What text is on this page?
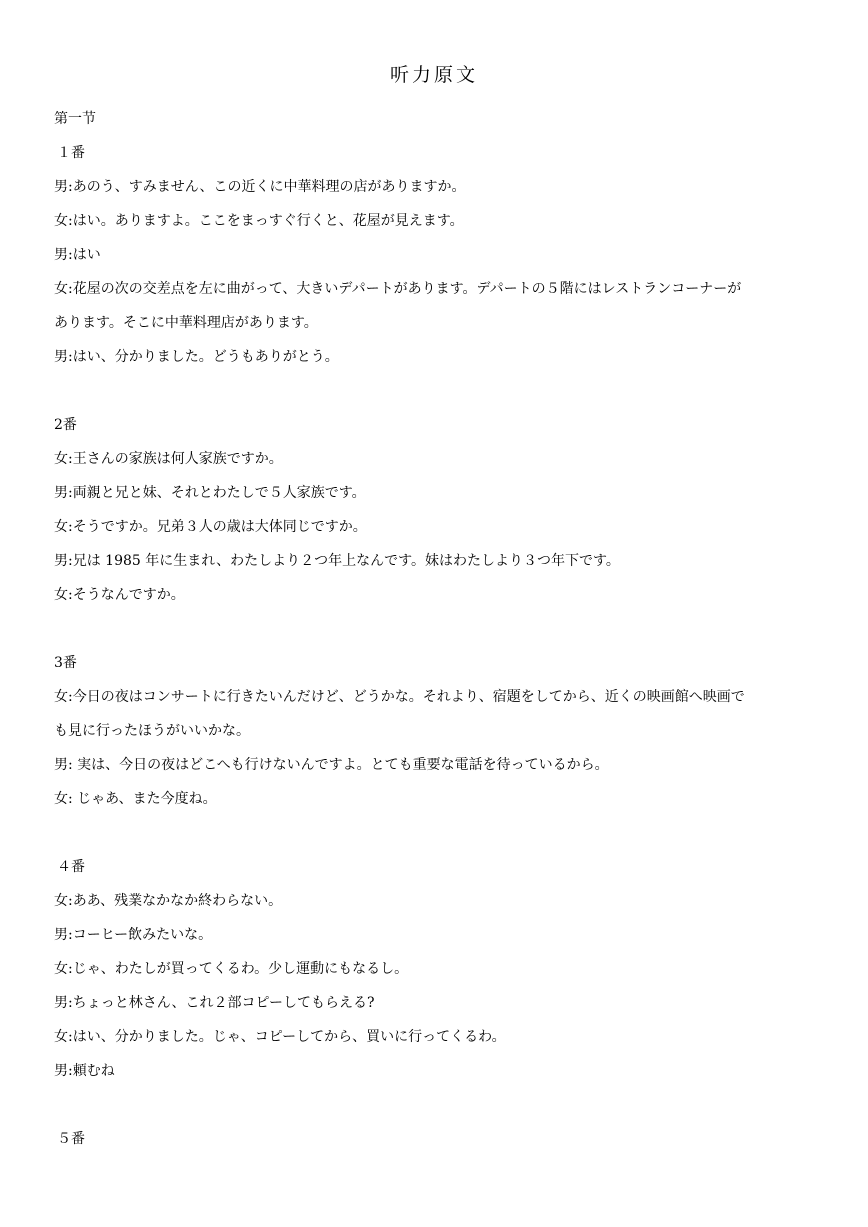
听力原文
第一节
１番
男:あのう、すみません、この近くに中華料理の店がありますか。
女:はい。ありますよ。ここをまっすぐ行くと、花屋が見えます。
男:はい
女:花屋の次の交差点を左に曲がって、大きいデパートがあります。デパートの５階にはレストランコーナーが
あります。そこに中華料理店があります。
男:はい、分かりました。どうもありがとう。
2番
女:王さんの家族は何人家族ですか。
男:両親と兄と妹、それとわたしで５人家族です。
女:そうですか。兄弟３人の歳は大体同じですか。
男:兄は 1985 年に生まれ、わたしより２つ年上なんです。妹はわたしより３つ年下です。
女:そうなんですか。
3番
女:今日の夜はコンサートに行きたいんだけど、どうかな。それより、宿題をしてから、近くの映画館へ映画で
も見に行ったほうがいいかな。
男: 実は、今日の夜はどこへも行けないんですよ。とても重要な電話を待っているから。
女: じゃあ、また今度ね。
４番
女:ああ、残業なかなか終わらない。
男:コーヒー飲みたいな。
女:じゃ、わたしが買ってくるわ。少し運動にもなるし。
男:ちょっと林さん、これ２部コピーしてもらえる?
女:はい、分かりました。じゃ、コピーしてから、買いに行ってくるわ。
男:頼むね
５番
